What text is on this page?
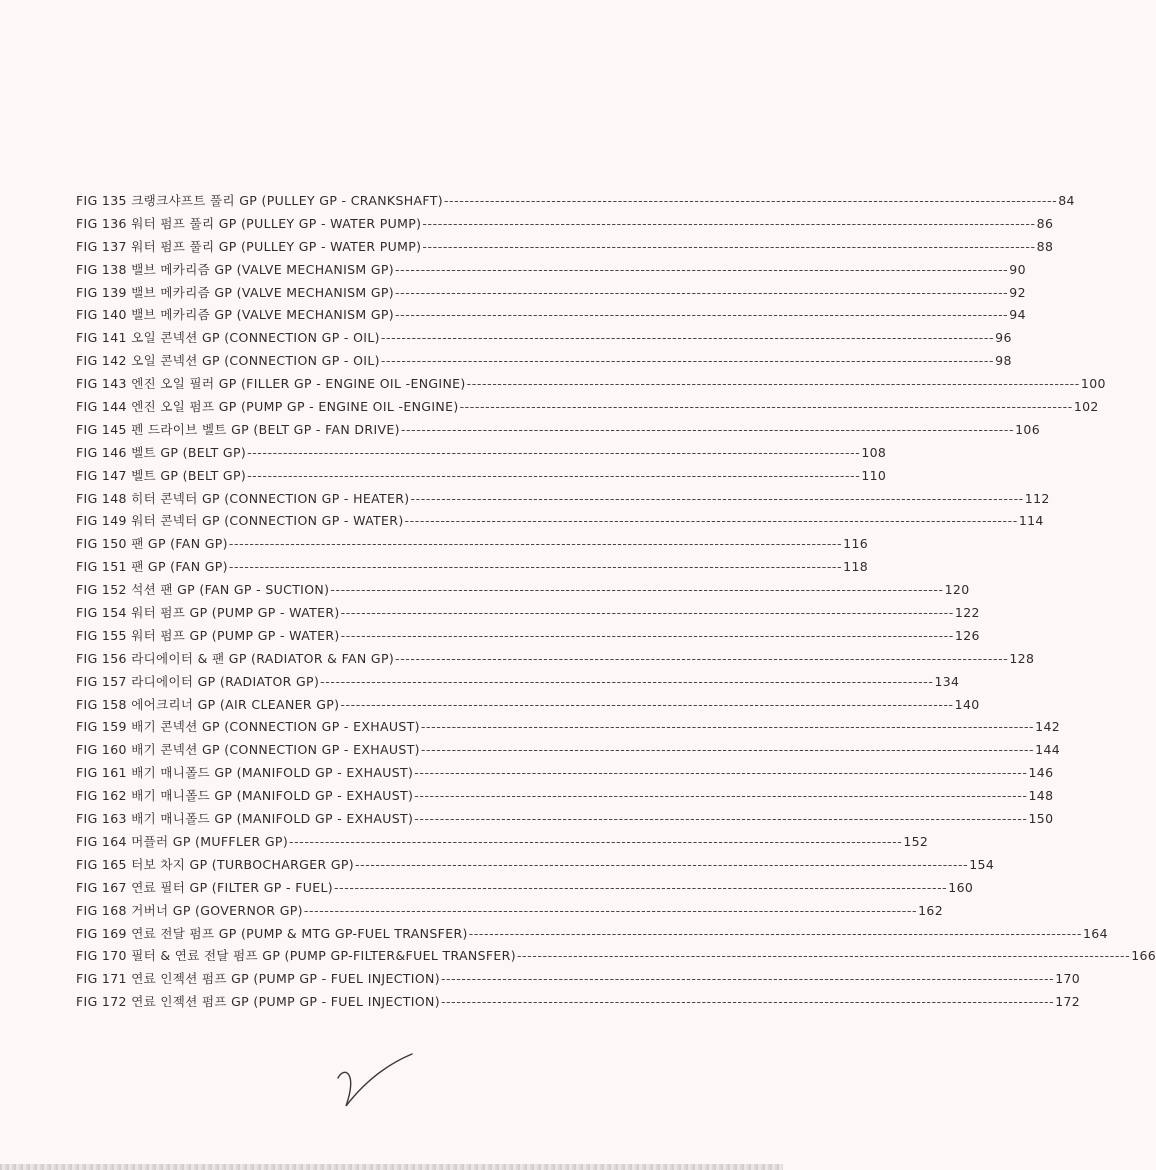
FIG 135
크랭크샤프트 풀리 GP (PULLEY GP - CRANKSHAFT) ------------------------------------------------------------------------------------------------------------------------ 84
FIG 136
워터 펌프 풀리 GP (PULLEY GP - WATER PUMP) ------------------------------------------------------------------------------------------------------------------------ 86
FIG 137
워터 펌프 풀리 GP (PULLEY GP - WATER PUMP) ------------------------------------------------------------------------------------------------------------------------ 88
FIG 138
밸브 메카리즘 GP (VALVE MECHANISM GP) ------------------------------------------------------------------------------------------------------------------------ 90
FIG 139
밸브 메카리즘 GP (VALVE MECHANISM GP) ------------------------------------------------------------------------------------------------------------------------ 92
FIG 140
밸브 메카리즘 GP (VALVE MECHANISM GP) ------------------------------------------------------------------------------------------------------------------------ 94
FIG 141
오일 콘넥션 GP (CONNECTION GP - OIL) ------------------------------------------------------------------------------------------------------------------------ 96
FIG 142
오일 콘넥션 GP (CONNECTION GP - OIL) ------------------------------------------------------------------------------------------------------------------------ 98
FIG 143
엔진 오일 필러 GP (FILLER GP - ENGINE OIL -ENGINE) ------------------------------------------------------------------------------------------------------------------------ 100
FIG 144
엔진 오일 펌프 GP (PUMP GP - ENGINE OIL -ENGINE) ------------------------------------------------------------------------------------------------------------------------ 102
FIG 145
펜 드라이브 벨트 GP (BELT GP - FAN DRIVE) ------------------------------------------------------------------------------------------------------------------------ 106
FIG 146
벨트 GP (BELT GP) ------------------------------------------------------------------------------------------------------------------------ 108
FIG 147
벨트 GP (BELT GP) ------------------------------------------------------------------------------------------------------------------------ 110
FIG 148
히터 콘넥터 GP (CONNECTION GP - HEATER) ------------------------------------------------------------------------------------------------------------------------ 112
FIG 149
워터 콘넥터 GP (CONNECTION GP - WATER) ------------------------------------------------------------------------------------------------------------------------ 114
FIG 150
팬 GP (FAN GP) ------------------------------------------------------------------------------------------------------------------------ 116
FIG 151
팬 GP (FAN GP) ------------------------------------------------------------------------------------------------------------------------ 118
FIG 152
석션 팬 GP (FAN GP - SUCTION) ------------------------------------------------------------------------------------------------------------------------ 120
FIG 154
워터 펌프 GP (PUMP GP - WATER) ------------------------------------------------------------------------------------------------------------------------ 122
FIG 155
워터 펌프 GP (PUMP GP - WATER) ------------------------------------------------------------------------------------------------------------------------ 126
FIG 156
라디에이터 & 팬 GP (RADIATOR & FAN GP) ------------------------------------------------------------------------------------------------------------------------ 128
FIG 157
라디에이터 GP (RADIATOR GP) ------------------------------------------------------------------------------------------------------------------------ 134
FIG 158
에어크리너 GP (AIR CLEANER GP) ------------------------------------------------------------------------------------------------------------------------ 140
FIG 159
배기 콘넥션 GP (CONNECTION GP - EXHAUST) ------------------------------------------------------------------------------------------------------------------------ 142
FIG 160
배기 콘넥션 GP (CONNECTION GP - EXHAUST) ------------------------------------------------------------------------------------------------------------------------ 144
FIG 161
배기 매니폴드 GP (MANIFOLD GP - EXHAUST) ------------------------------------------------------------------------------------------------------------------------ 146
FIG 162
배기 매니폴드 GP (MANIFOLD GP - EXHAUST) ------------------------------------------------------------------------------------------------------------------------ 148
FIG 163
배기 매니폴드 GP (MANIFOLD GP - EXHAUST) ------------------------------------------------------------------------------------------------------------------------ 150
FIG 164
머플러 GP (MUFFLER GP) ------------------------------------------------------------------------------------------------------------------------ 152
FIG 165
터보 차지 GP (TURBOCHARGER GP) ------------------------------------------------------------------------------------------------------------------------ 154
FIG 167
연료 필터 GP (FILTER GP - FUEL) ------------------------------------------------------------------------------------------------------------------------ 160
FIG 168
거버너 GP (GOVERNOR GP) ------------------------------------------------------------------------------------------------------------------------ 162
FIG 169
연료 전달 펌프 GP (PUMP & MTG GP-FUEL TRANSFER) ------------------------------------------------------------------------------------------------------------------------ 164
FIG 170
필터 & 연료 전달 펌프 GP (PUMP GP-FILTER&FUEL TRANSFER) ------------------------------------------------------------------------------------------------------------------------ 166
FIG 171
연료 인젝션 펌프 GP (PUMP GP - FUEL INJECTION) ------------------------------------------------------------------------------------------------------------------------ 170
FIG 172
연료 인젝션 펌프 GP (PUMP GP - FUEL INJECTION) ------------------------------------------------------------------------------------------------------------------------ 172
